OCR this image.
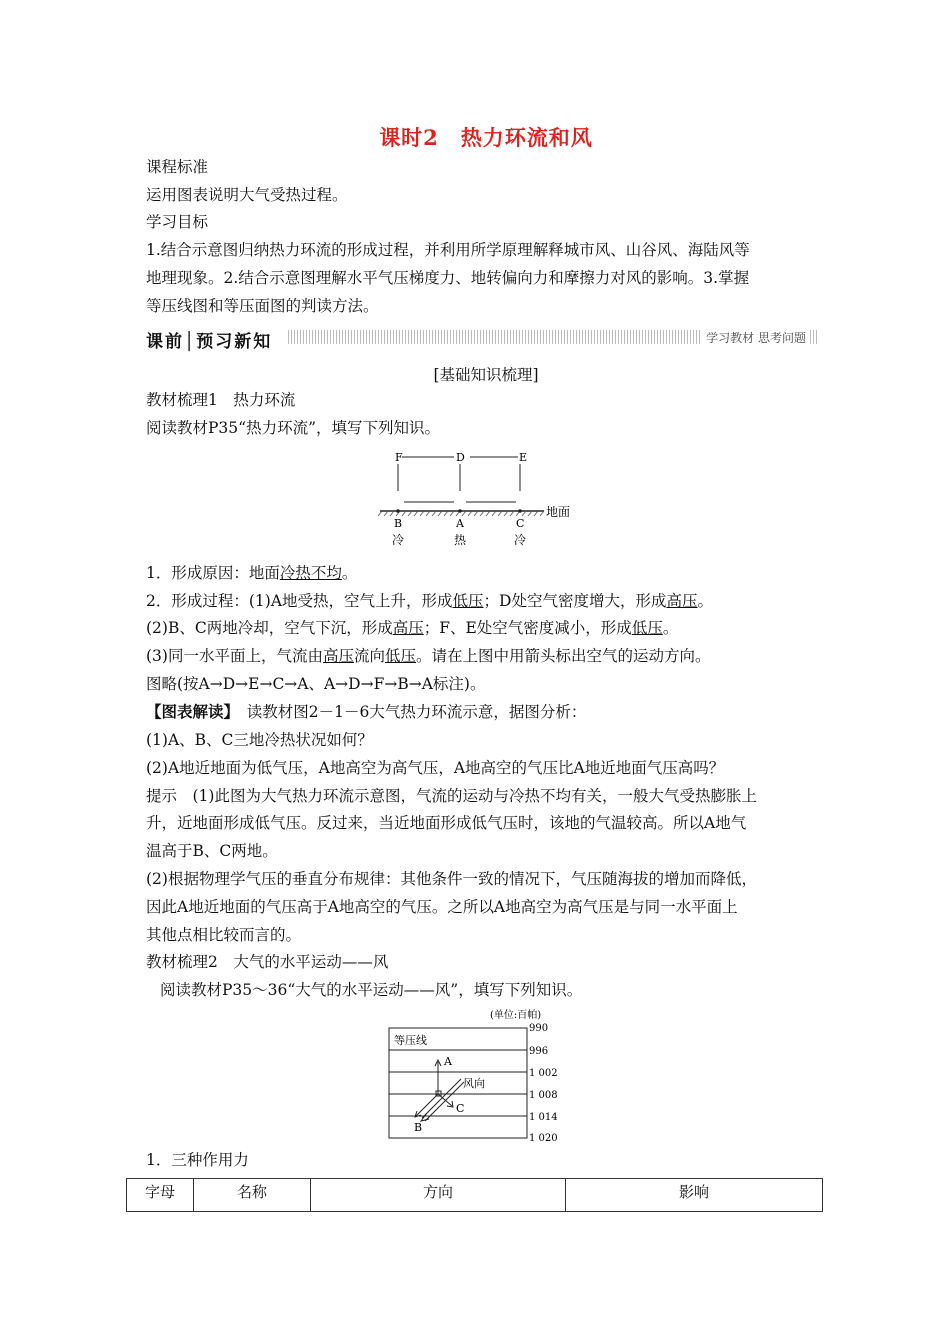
课时2　热力环流和风
课程标准
运用图表说明大气受热过程。
学习目标
1.结合示意图归纳热力环流的形成过程，并利用所学原理解释城市风、山谷风、海陆风等
地理现象。2.结合示意图理解水平气压梯度力、地转偏向力和摩擦力对风的影响。3.掌握
等压线图和等压面图的判读方法。
课前│预习新知	学习教材 思考问题
[基础知识梳理]
教材梳理1　热力环流
阅读教材P35“热力环流”，填写下列知识。
F	D	E
B	A	C
冷	热	冷
地面
1．形成原因：地面冷热不均。
2．形成过程：(1)A地受热，空气上升，形成低压；D处空气密度增大，形成高压。
(2)B、C两地冷却，空气下沉，形成高压；F、E处空气密度减小，形成低压。
(3)同一水平面上，气流由高压流向低压。请在上图中用箭头标出空气的运动方向。
图略(按A→D→E→C→A、A→D→F→B→A标注)。
【图表解读】　读教材图2－1－6大气热力环流示意，据图分析：
(1)A、B、C三地冷热状况如何？
(2)A地近地面为低气压，A地高空为高气压，A地高空的气压比A地近地面气压高吗？
提示　(1)此图为大气热力环流示意图，气流的运动与冷热不均有关，一般大气受热膨胀上
升，近地面形成低气压。反过来，当近地面形成低气压时，该地的气温较高。所以A地气
温高于B、C两地。
(2)根据物理学气压的垂直分布规律：其他条件一致的情况下，气压随海拔的增加而降低，
因此A地近地面的气压高于A地高空的气压。之所以A地高空为高气压是与同一水平面上
其他点相比较而言的。
教材梳理2　大气的水平运动——风
阅读教材P35～36“大气的水平运动——风”，填写下列知识。
(单位:百帕)
等压线
A
B
C
风向
990
996
1 002
1 008
1 014
1 020
1．三种作用力
字母	名称	方向	影响
